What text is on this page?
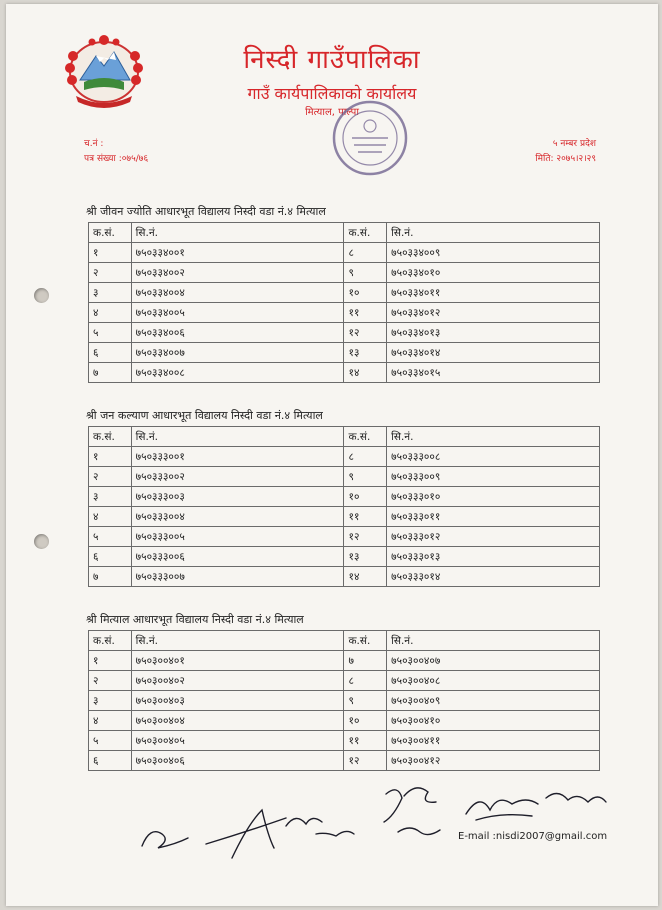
निस्दी गाउँपालिका
गाउँ कार्यपालिकाको कार्यालय
मित्याल, पाल्पा
च.नं :
पत्र संख्या :०७५/७६
५ नम्बर प्रदेश
मिति: २०७५।२।२९
श्री जीवन ज्योति आधारभूत विद्यालय निस्दी वडा नं.४ मित्याल
क.सं.	सि.नं.	क.सं.	सि.नं.
१	७५०३३४००१	८	७५०३३४००९
२	७५०३३४००२	९	७५०३३४०१०
३	७५०३३४००४	१०	७५०३३४०११
४	७५०३३४००५	११	७५०३३४०१२
५	७५०३३४००६	१२	७५०३३४०१३
६	७५०३३४००७	१३	७५०३३४०१४
७	७५०३३४००८	१४	७५०३३४०१५
श्री जन कल्याण आधारभूत विद्यालय निस्दी वडा नं.४ मित्याल
क.सं.	सि.नं.	क.सं.	सि.नं.
१	७५०३३३००१	८	७५०३३३००८
२	७५०३३३००२	९	७५०३३३००९
३	७५०३३३००३	१०	७५०३३३०१०
४	७५०३३३००४	११	७५०३३३०११
५	७५०३३३००५	१२	७५०३३३०१२
६	७५०३३३००६	१३	७५०३३३०१३
७	७५०३३३००७	१४	७५०३३३०१४
श्री मित्याल आधारभूत विद्यालय निस्दी वडा नं.४ मित्याल
क.सं.	सि.नं.	क.सं.	सि.नं.
१	७५०३००४०१	७	७५०३००४०७
२	७५०३००४०२	८	७५०३००४०८
३	७५०३००४०३	९	७५०३००४०९
४	७५०३००४०४	१०	७५०३००४१०
५	७५०३००४०५	११	७५०३००४११
६	७५०३००४०६	१२	७५०३००४१२
E-mail :nisdi2007@gmail.com
